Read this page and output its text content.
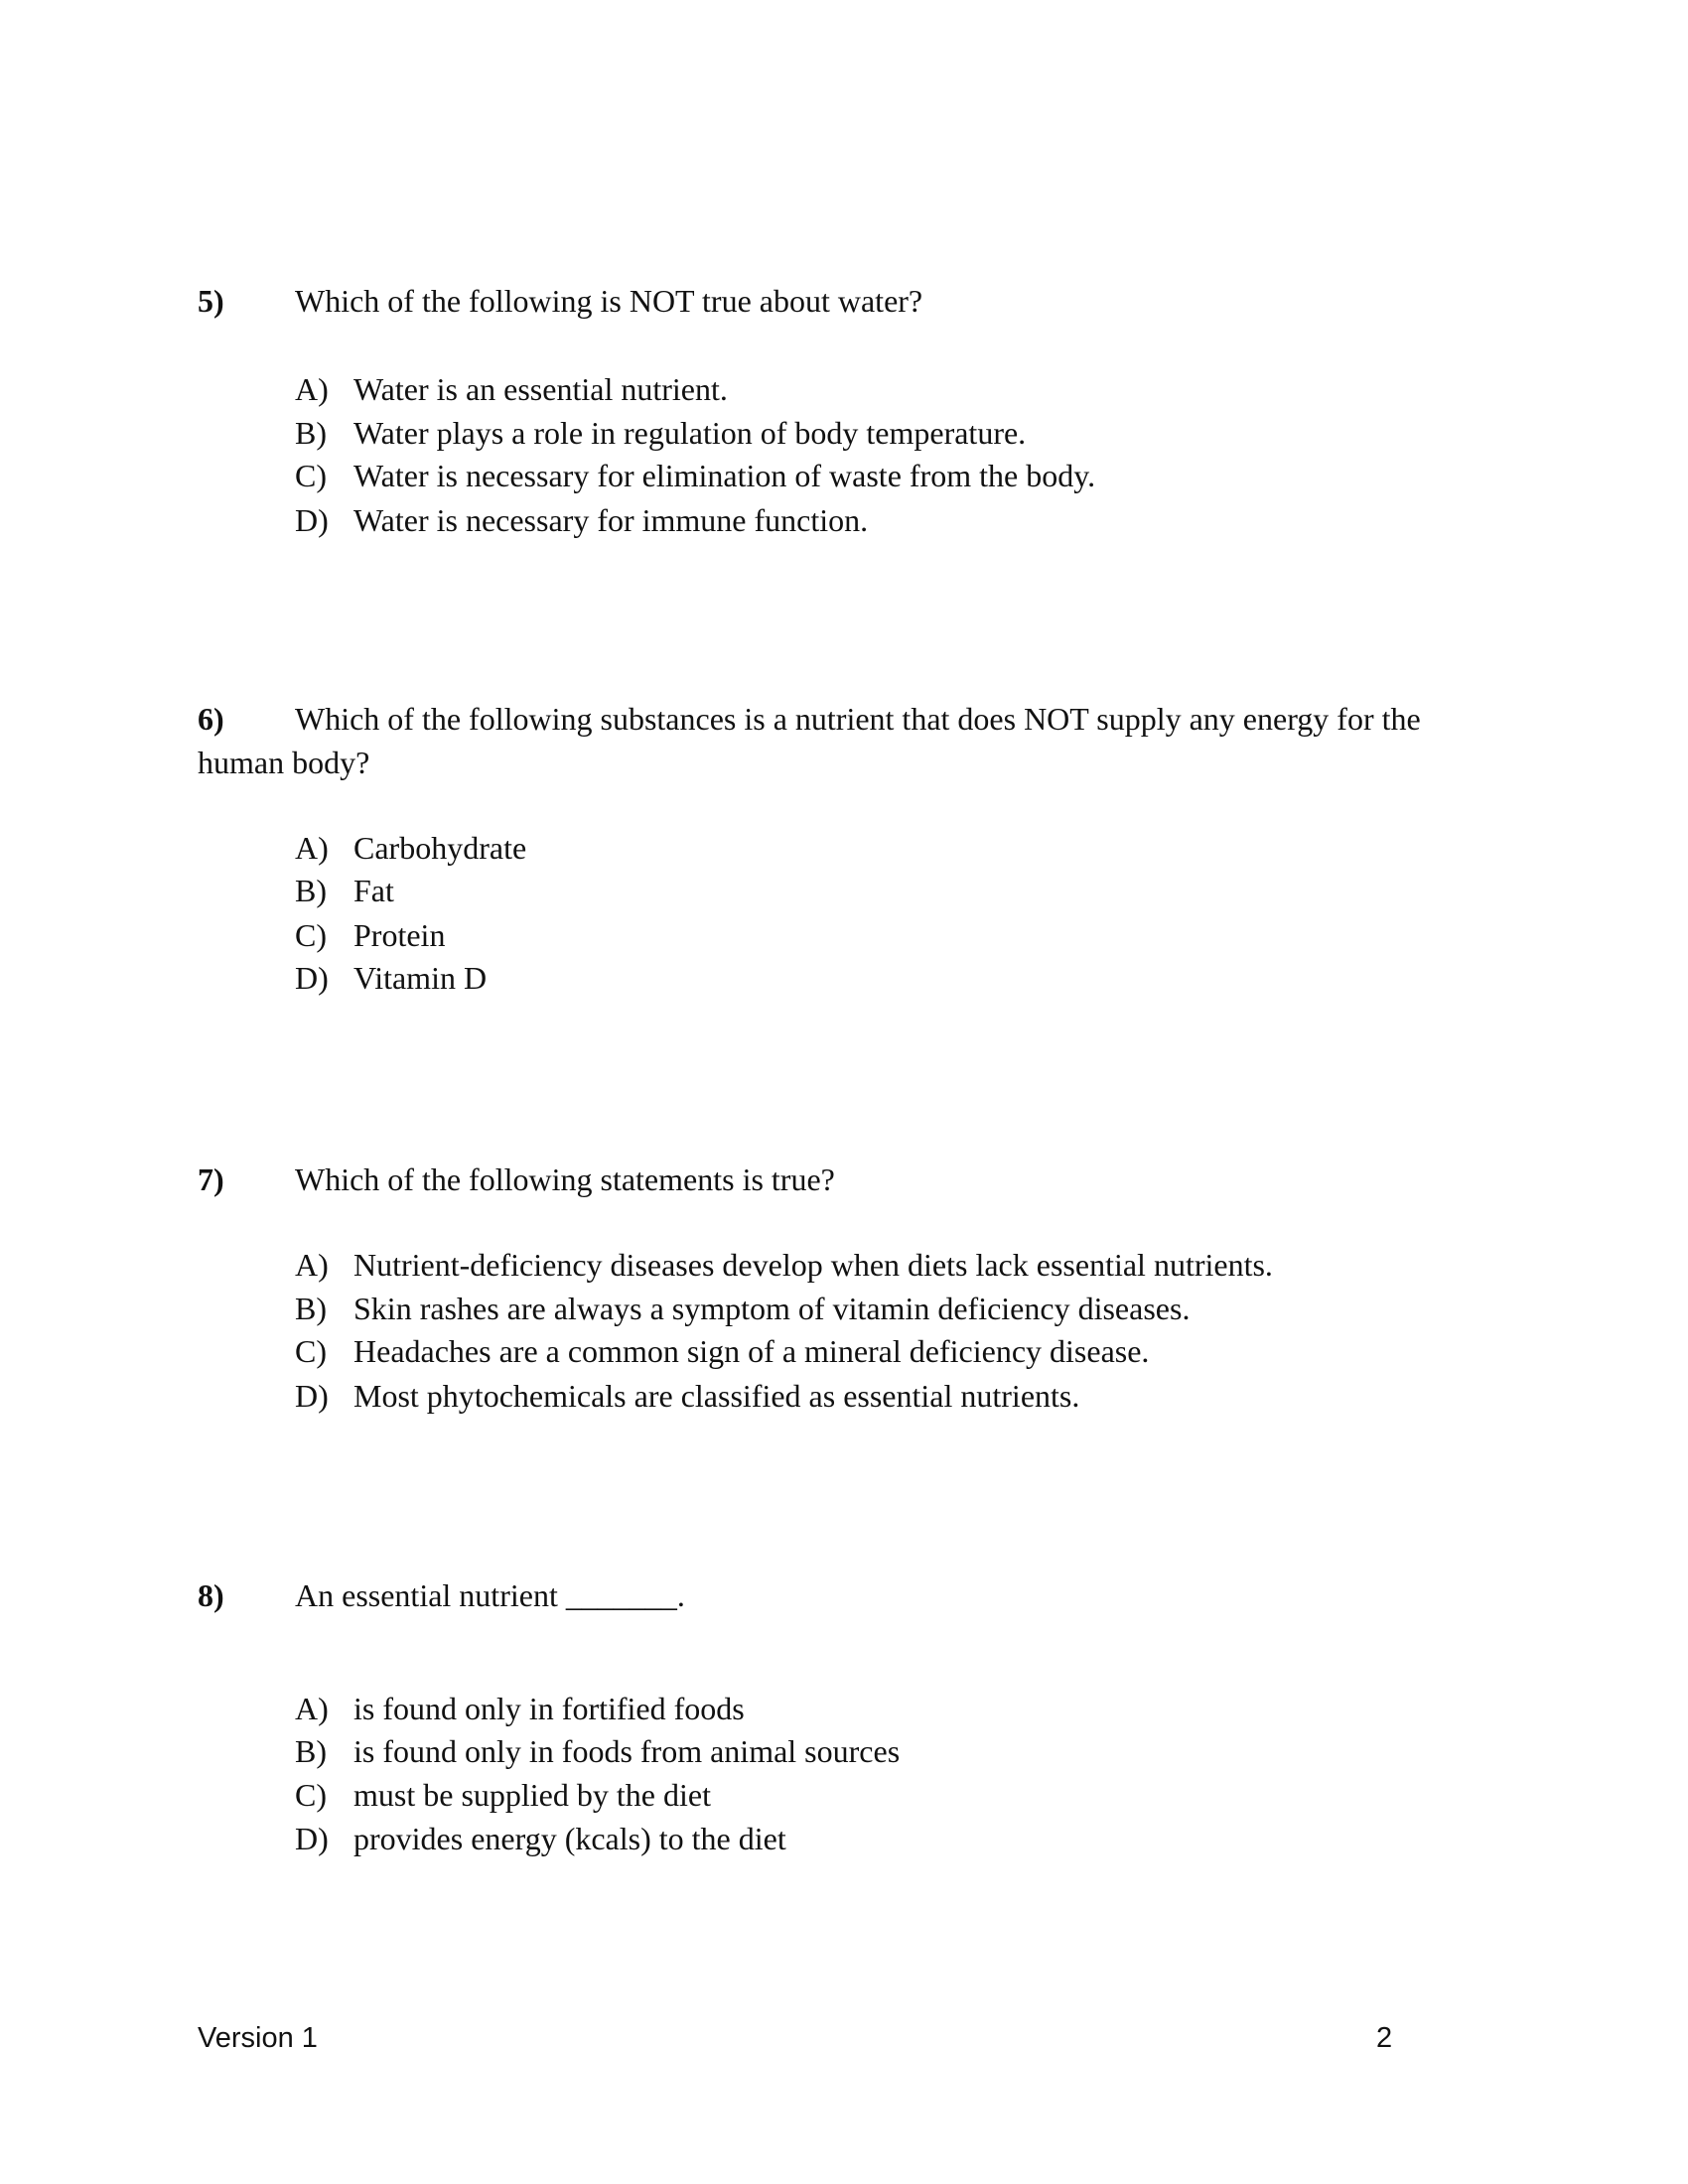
5) Which of the following is NOT true about water?
A) Water is an essential nutrient.
B) Water plays a role in regulation of body temperature.
C) Water is necessary for elimination of waste from the body.
D) Water is necessary for immune function.
6) Which of the following substances is a nutrient that does NOT supply any energy for the human body?
A) Carbohydrate
B) Fat
C) Protein
D) Vitamin D
7) Which of the following statements is true?
A) Nutrient-deficiency diseases develop when diets lack essential nutrients.
B) Skin rashes are always a symptom of vitamin deficiency diseases.
C) Headaches are a common sign of a mineral deficiency disease.
D) Most phytochemicals are classified as essential nutrients.
8) An essential nutrient _______.
A) is found only in fortified foods
B) is found only in foods from animal sources
C) must be supplied by the diet
D) provides energy (kcals) to the diet
Version 1	2
